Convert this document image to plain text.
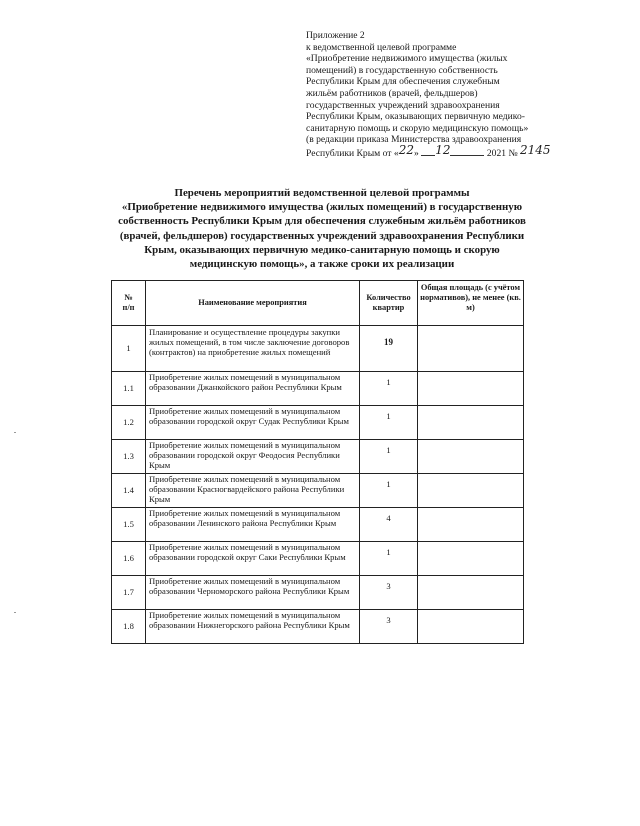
Приложение 2
к ведомственной целевой программе
«Приобретение недвижимого имущества (жилых
помещений) в государственную собственность
Республики Крым для обеспечения служебным
жильём работников (врачей, фельдшеров)
государственных учреждений здравоохранения
Республики Крым, оказывающих первичную медико-
санитарную помощь и скорую медицинскую помощь»
(в редакции приказа Министерства здравоохранения
Республики Крым от «22» 12	2021 № 2145
Перечень мероприятий ведомственной целевой программы
«Приобретение недвижимого имущества (жилых помещений) в государственную
собственность Республики Крым для обеспечения служебным жильём работников
(врачей, фельдшеров) государственных учреждений здравоохранения Республики
Крым, оказывающих первичную медико-санитарную помощь и скорую
медицинскую помощь», а также сроки их реализации
№
п/п	Наименование мероприятия	Количество квартир	Общая площадь (с учётом нормативов), не менее (кв. м)
1	Планирование и осуществление процедуры закупки жилых помещений, в том числе заключение договоров (контрактов) на приобретение жилых помещений	19	
1.1	Приобретение жилых помещений в муниципальном образовании Джанкойского район Республики Крым	1	
1.2	Приобретение жилых помещений в муниципальном образовании городской округ Судак Республики Крым	1	
1.3	Приобретение жилых помещений в муниципальном образовании городской округ Феодосия Республики Крым	1	
1.4	Приобретение жилых помещений в муниципальном образовании Красногвардейского района Республики Крым	1	
1.5	Приобретение жилых помещений в муниципальном образовании Ленинского района Республики Крым	4	
1.6	Приобретение жилых помещений в муниципальном образовании городской округ Саки Республики Крым	1	
1.7	Приобретение жилых помещений в муниципальном образовании Черноморского района Республики Крым	3	
1.8	Приобретение жилых помещений в муниципальном образовании Нижнегорского района Республики Крым	3	
